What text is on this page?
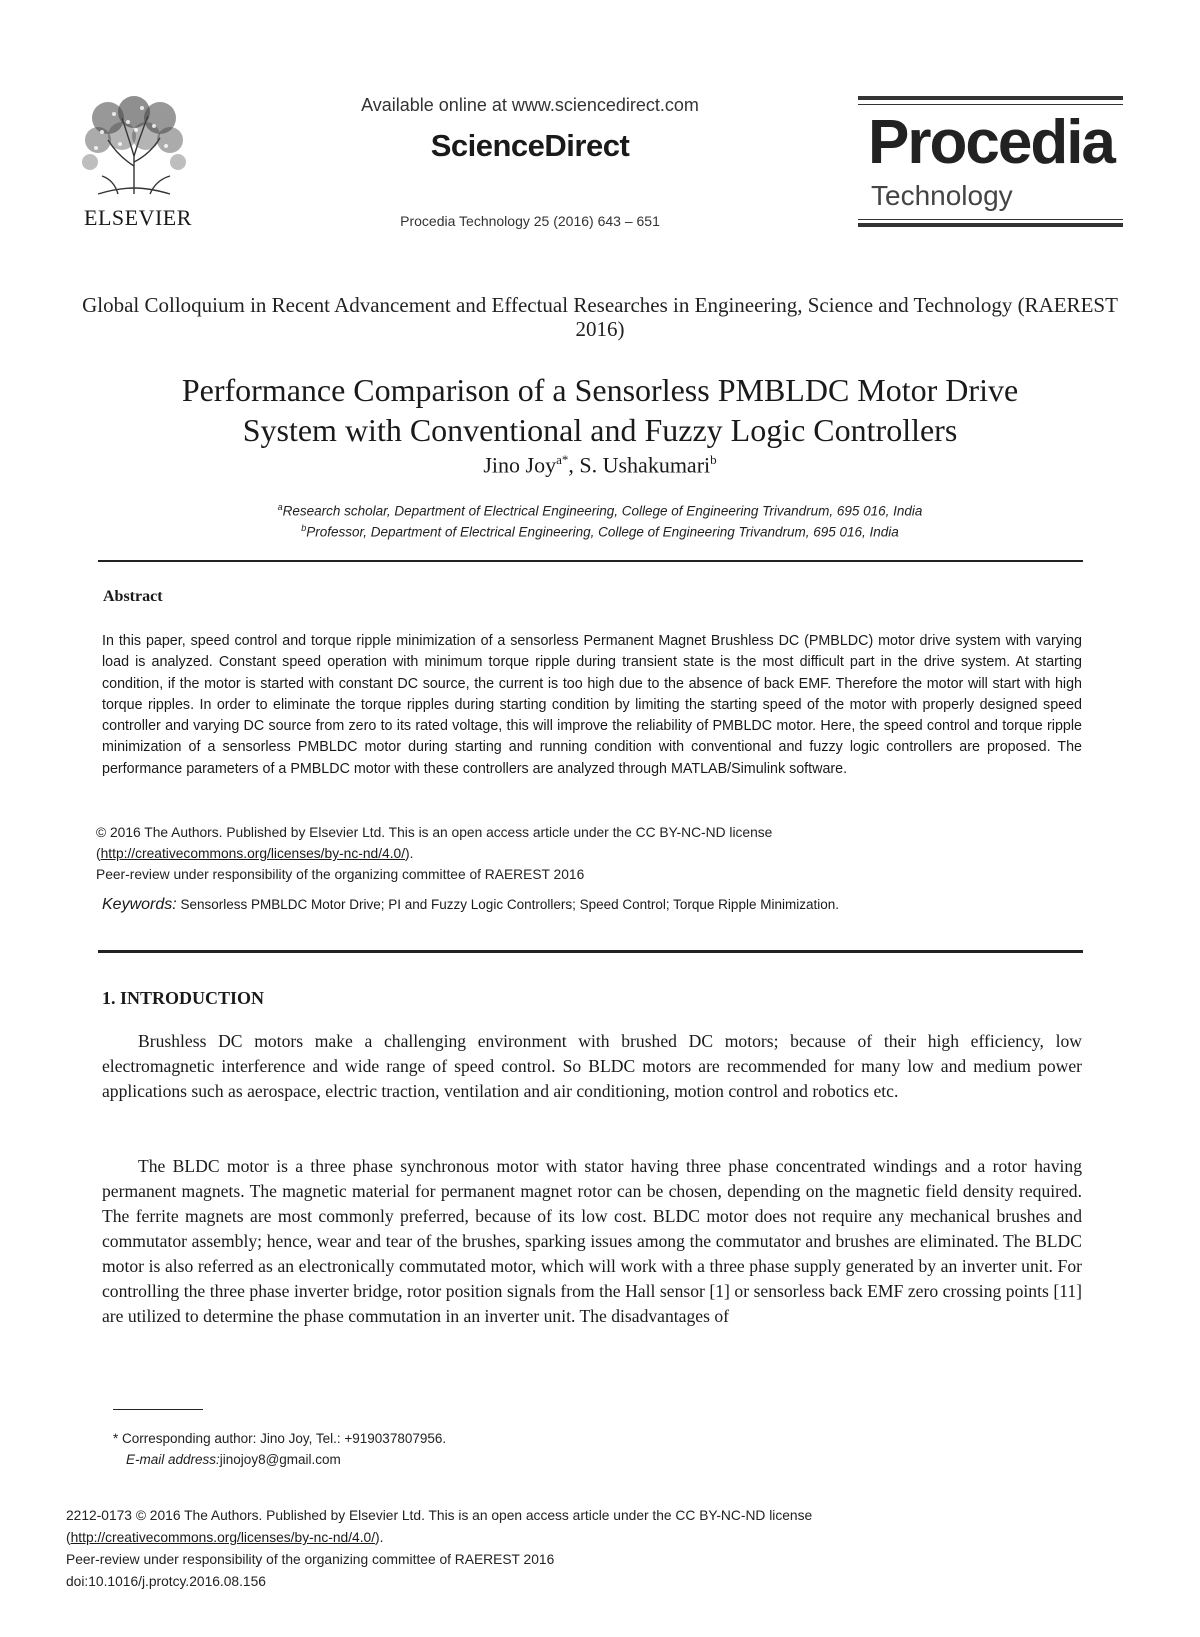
ELSEVIER
Available online at www.sciencedirect.com
ScienceDirect
Procedia Technology 25 (2016) 643 – 651
Procedia
Technology
Global Colloquium in Recent Advancement and Effectual Researches in Engineering, Science and Technology (RAEREST 2016)
Performance Comparison of a Sensorless PMBLDC Motor Drive
System with Conventional and Fuzzy Logic Controllers
Jino Joy$^{a*}$, S. Ushakumari$^b$
$^a$Research scholar, Department of Electrical Engineering, College of Engineering Trivandrum, 695 016, India
$^b$Professor, Department of Electrical Engineering, College of Engineering Trivandrum, 695 016, India
Abstract

In this paper, speed control and torque ripple minimization of a sensorless Permanent Magnet Brushless DC (PMBLDC) motor drive system with varying load is analyzed. Constant speed operation with minimum torque ripple during transient state is the most difficult part in the drive system. At starting condition, if the motor is started with constant DC source, the current is too high due to the absence of back EMF. Therefore the motor will start with high torque ripples. In order to eliminate the torque ripples during starting condition by limiting the starting speed of the motor with properly designed speed controller and varying DC source from zero to its rated voltage, this will improve the reliability of PMBLDC motor. Here, the speed control and torque ripple minimization of a sensorless PMBLDC motor during starting and running condition with conventional and fuzzy logic controllers are proposed. The performance parameters of a PMBLDC motor with these controllers are analyzed through MATLAB/Simulink software.

© 2016 The Authors. Published by Elsevier Ltd. This is an open access article under the CC BY-NC-ND license
(http://creativecommons.org/licenses/by-nc-nd/4.0/).
Peer-review under responsibility of the organizing committee of RAEREST 2016
Keywords: Sensorless PMBLDC Motor Drive; PI and Fuzzy Logic Controllers; Speed Control; Torque Ripple Minimization.
1. INTRODUCTION

Brushless DC motors make a challenging environment with brushed DC motors; because of their high efficiency, low electromagnetic interference and wide range of speed control. So BLDC motors are recommended for many low and medium power applications such as aerospace, electric traction, ventilation and air conditioning, motion control and robotics etc.

The BLDC motor is a three phase synchronous motor with stator having three phase concentrated windings and a rotor having permanent magnets. The magnetic material for permanent magnet rotor can be chosen, depending on the magnetic field density required. The ferrite magnets are most commonly preferred, because of its low cost. BLDC motor does not require any mechanical brushes and commutator assembly; hence, wear and tear of the brushes, sparking issues among the commutator and brushes are eliminated. The BLDC motor is also referred as an electronically commutated motor, which will work with a three phase supply generated by an inverter unit. For controlling the three phase inverter bridge, rotor position signals from the Hall sensor [1] or sensorless back EMF zero crossing points [11] are utilized to determine the phase commutation in an inverter unit. The disadvantages of

* Corresponding author: Jino Joy, Tel.: +919037807956.
E-mail address:jinojoy8@gmail.com
2212-0173 © 2016 The Authors. Published by Elsevier Ltd. This is an open access article under the CC BY-NC-ND license
(http://creativecommons.org/licenses/by-nc-nd/4.0/).
Peer-review under responsibility of the organizing committee of RAEREST 2016
doi:10.1016/j.protcy.2016.08.156
